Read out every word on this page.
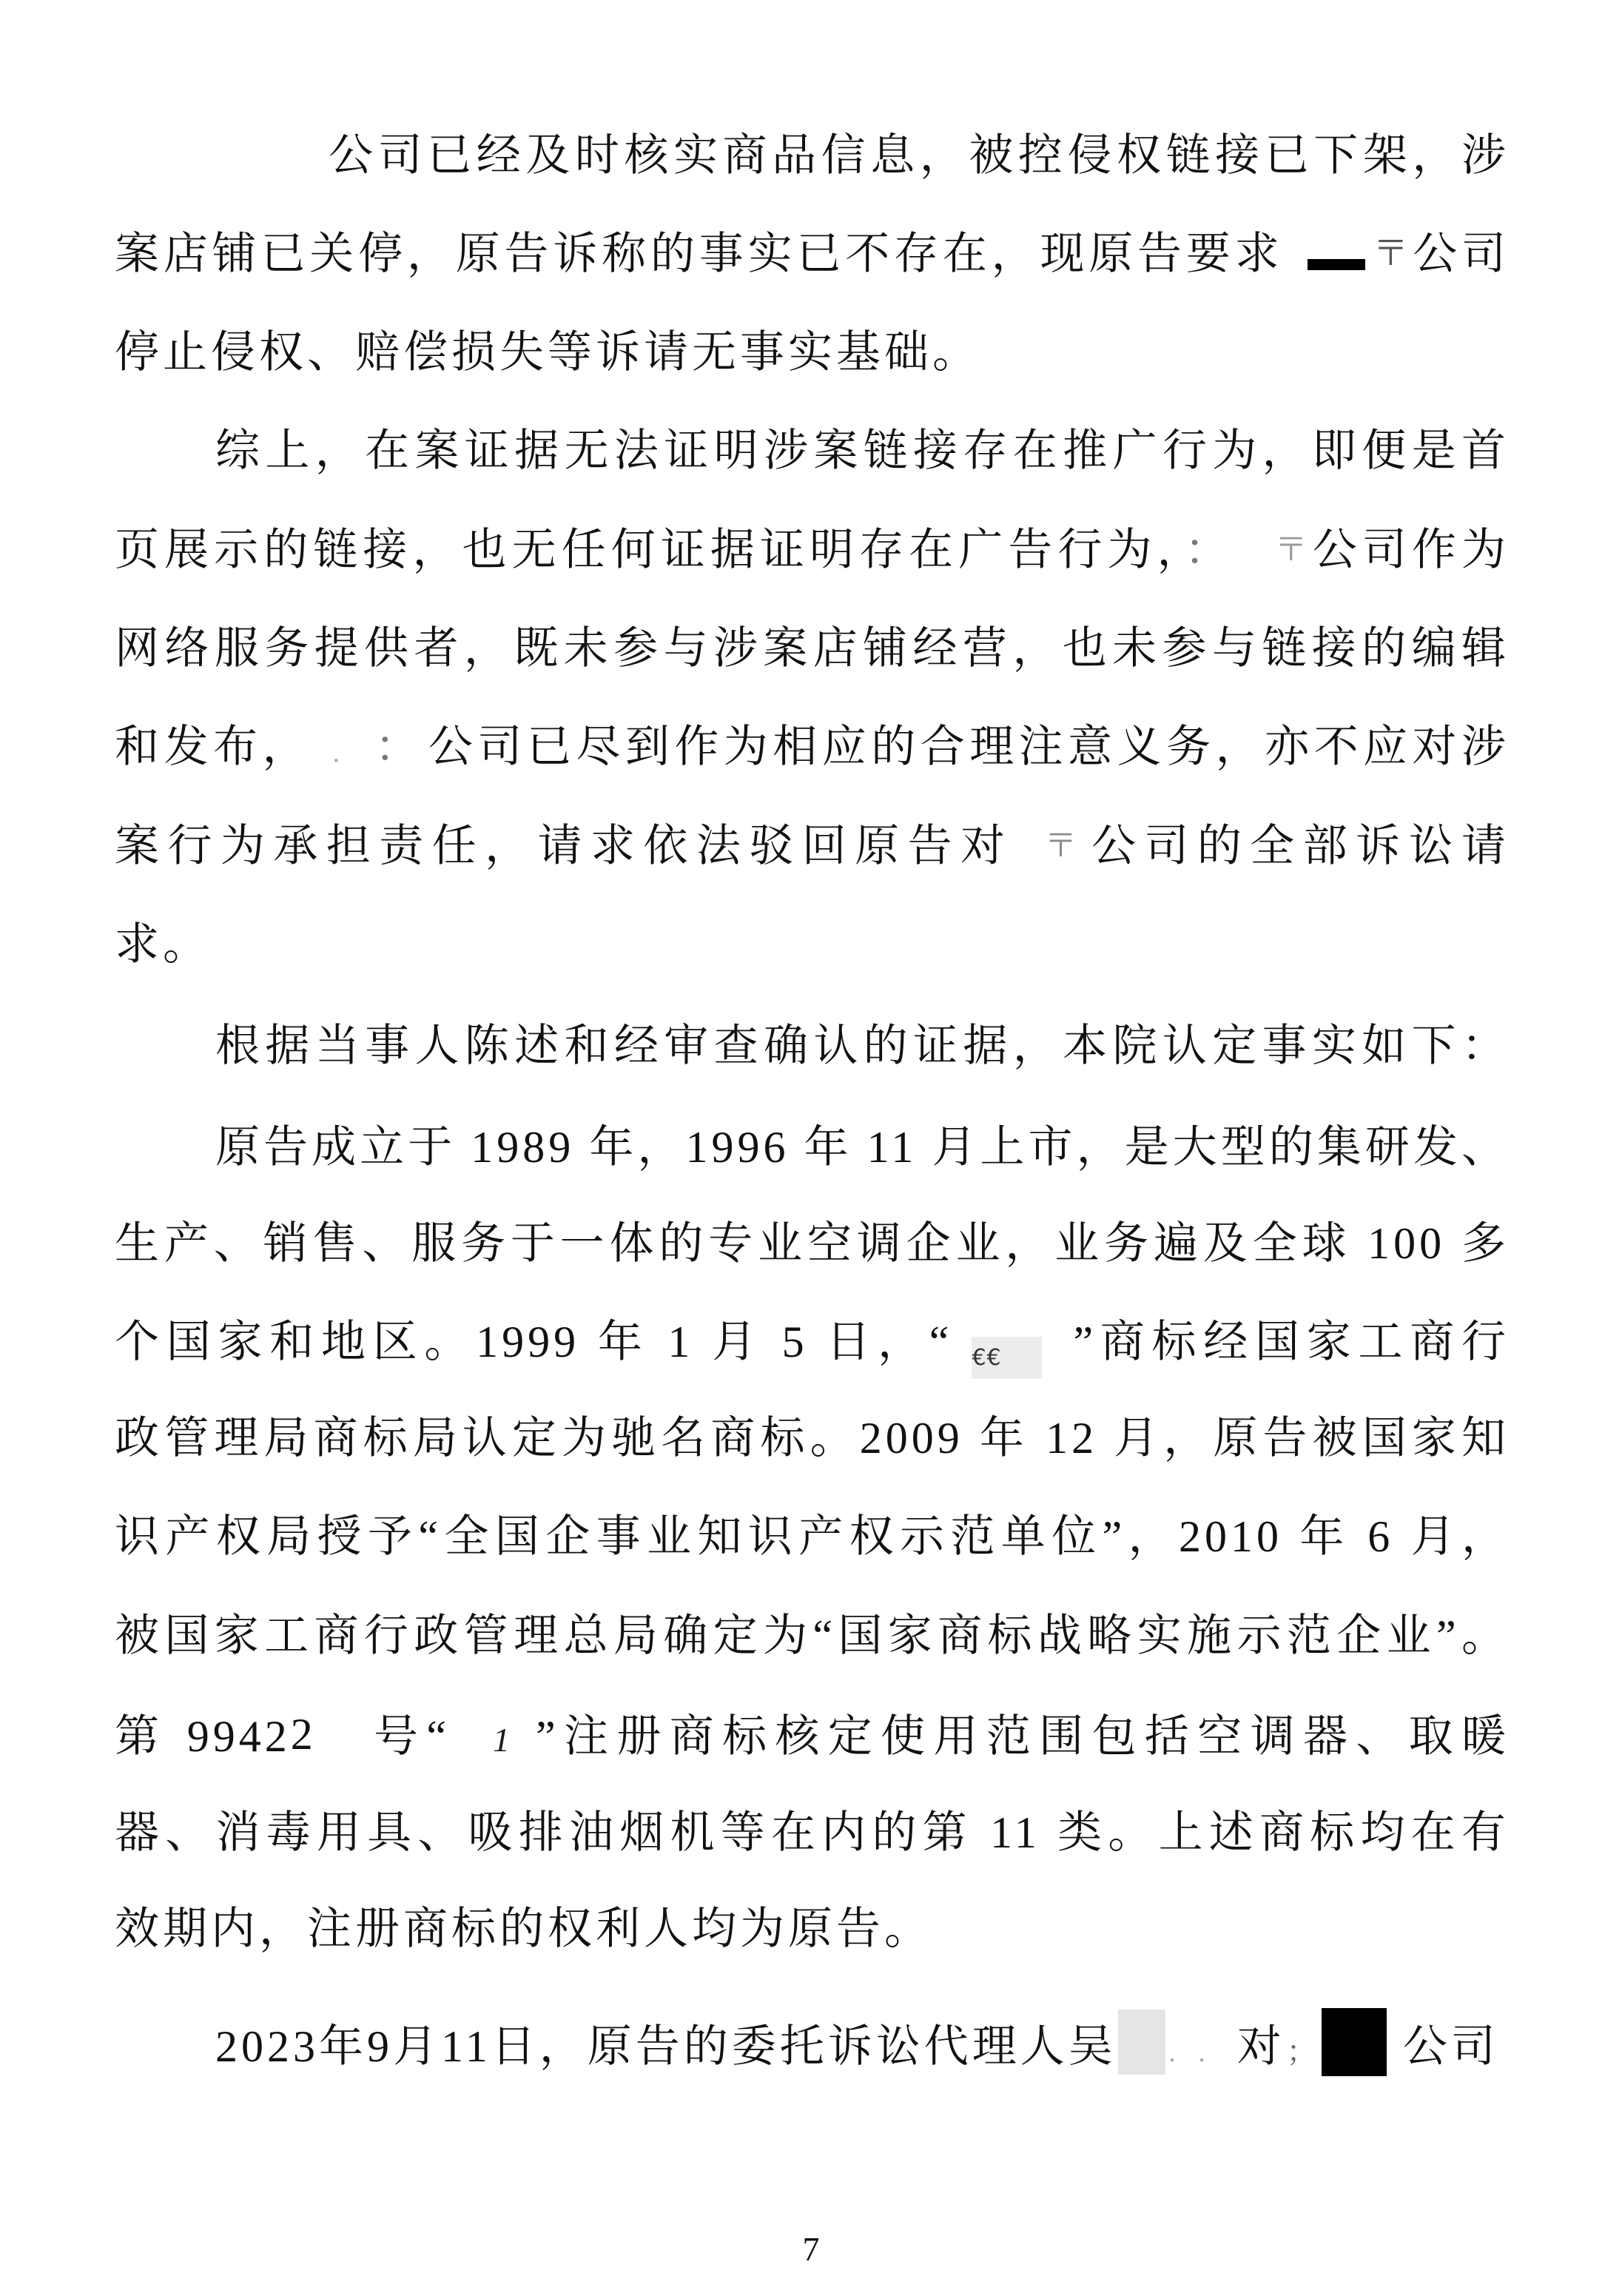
公司已经及时核实商品信息，被控侵权链接已下架，涉
案店铺已关停，原告诉称的事实已不存在，现原告要求	〒公司
停止侵权、赔偿损失等诉请无事实基础。
综上，在案证据无法证明涉案链接存在推广行为，即便是首
页展示的链接，也无任何证据证明存在广告行为，： 〒公司作为
网络服务提供者，既未参与涉案店铺经营，也未参与链接的编辑
和发布， ． ： 公司已尽到作为相应的合理注意义务，亦不应对涉
案行为承担责任，请求依法驳回原告对 〒 公司的全部诉讼请
求。
根据当事人陈述和经审查确认的证据，本院认定事实如下：
原告成立于 1989 年，1996 年 11 月上市，是大型的集研发、
生产、销售、服务于一体的专业空调企业，业务遍及全球 100 多
个国家和地区。1999 年 1 月 5 日，“ €€ ”商标经国家工商行
政管理局商标局认定为驰名商标。2009 年 12 月，原告被国家知
识产权局授予“全国企事业知识产权示范单位”，2010 年 6 月，
被国家工商行政管理总局确定为“国家商标战略实施示范企业”。
第 99422 号“ 1 ”注册商标核定使用范围包括空调器、取暖
器、消毒用具、吸排油烟机等在内的第 11 类。上述商标均在有
效期内，注册商标的权利人均为原告。
2023年9月11日，原告的委托诉讼代理人吴 ． ． 对； 公司
7
